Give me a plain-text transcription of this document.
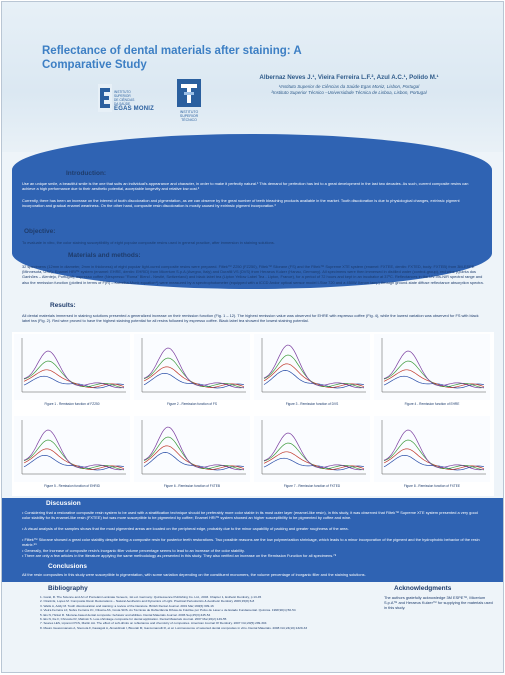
Reflectance of dental materials after staining: A Comparative Study
INSTITUTO
SUPERIOR
DE CIÊNCIAS
DA SAÚDE
EGAS MONIZ	INSTITUTO
SUPERIOR
TÉCNICO
Albernaz Neves J.¹, Vieira Ferreira L.F.², Azul A.C.¹, Polido M.¹
¹Instituto Superior de Ciências da Saúde Egas Moniz, Lisbon, Portugal
²Instituto Superior Técnico –Universidade Técnica de Lisboa, Lisbon, Portugal
Introduction:
Use an unique smile, a beautiful smile is the one that suits an individual's appearance and character, in order to make it perfectly natural.¹ This demand for perfection has led to a great development in the last two decades. As such, current composite resins can achieve a high performance due to their aesthetic potential, acceptable longevity and relative low cost.²
Currently, there has been an increase on the interest of tooth discoloration and pigmentation, as we can observe by the great number of teeth bleaching products available in the market. Tooth discoloration is due to physiological changes, extrinsic pigment incorporation and gradual enamel weariness. On the other hand, composite resin discoloration is mostly caused by extrinsic pigment incorporation.³
Objective:
To evaluate in vitro, the color staining susceptibility of eight popular composite resins used in general practice, after immersion in staining solutions.
Materials and methods:
32 specimens (12mm in diameter, 2mm in thickness) of eight popular light-cured composite resins were prepared. Filtek™ Z250 (FZ250), Filtek™ Silorane (FS) and the Filtek™ Supreme XTE system (enamel: FXTEE, dentin: FXTED, body: FXTEB) from 3M-ESPE (Minnesota, USA); Enamel HRi™ system (enamel: EHRE, dentin: EHRID) from Micerium S.p.A (Avegno, Italy) and Durafill VS (DVS) from Heraeus Kulzer (Hanau, Germany). All specimens were then immersed in distilled water (control-group), red wine (Quinta dos Ganhões – Alentejo, Portugal), espresso coffee (Nespresso "Roma" Blend - Nestlé, Switzerland) and black label tea (Lipton Yellow Label Tea - Lipton, France), for a period of 72 hours and kept in an incubator at 37ºC. Reflectances in the UV-Vis-NIR spectral range and also the remission function (plotted in terms of F(R) – Kubelka-Munk equation⁴) were measured by a spectrophotometer (equipped with a ICCD Andor optical sensor model I-Star 720 and a 450W Xenon lamp) through ground-state diffuse reflectance absorption spectra.
Results:
All dental materials immersed in staining solutions presented a generalized increase on their remission function (Fig. 1 – 12). The highest remission value was observed for EHRE with espresso coffee (Fig. 4), while the lowest variation was observed for FS with black label tea (Fig. 2). Red wine proved to have the highest staining potential for all resins followed by espresso coffee. Black label tea showed the lowest staining potential.
Figure 1 - Remission function of FZ250	Figure 2 - Remission function of FS	Figure 3 - Remission function of DVS	Figure 4 - Remission function of EHRE
Figure 5 - Remission function of EHRID	Figure 6 - Remission function of FXTEB	Figure 7 - Remission function of FXTED	Figure 8 - Remission function of FXTEE
Discussion
• Considering that a restorative composite resin system to be used with a stratification technique should be preferably more color stable in its most outer layer (enamel-like resin), in this study, it was observed that Filtek™ Supreme XTE system presented a very good color stability for its enamel-like resin (FXTEE) but was more susceptible to be pigmented by coffee; Enamel HRi™ system showed an higher susceptibility to be pigmented by coffee and wine.
• A visual analysis of the samples shows that the most pigmented areas are located on the peripheral edge, probably due to the minor capability of packing and greater roughness of the area.
• Filtek™ Silorane showed a great color stability despite being a composite resin for posterior teeth restorations. Two possible reasons are the low polymerization shrinkage, which leads to a minor incorporation of the pigment and the hydrophobic behavior of the resin matrix.⁵⁶
• Generally, the increase of composite resin's inorganic filler volume percentage seems to lead to an increase of the color stability.
• There are only a few articles in the literature applying the same methodology as presented in this study. They also verified an increase on the Remission Function for all specimens.⁷⁸
Conclusions
All the resin composites in this study were susceptible to pigmentation, with some variation depending on the constituent monomers, the volume percentage of inorganic filler and the staining solutions.
Bibliography
1. Goral, R. The Science and Art of Porcelain Laminate Veneers, 1st ed. Germany: Quintessence Publishing Co. Ltd., 2003. Chapter 1, Esthetic Dentistry, p 13-45
2. Ozarki E, Lopes M. Composite Resin Restorations – Natural Aesthetics and Dynamics of Light. Practical Periodontics & Aesthetic Dentistry 2009;15(8):6-8
3. Watts A, Addy M. Tooth discolouration and staining: a review of the literature. British Dental Journal. 2001 Mar;190(6):309-16
4. Vieira Ferreira LF, Nobre Ferreira JC, Oliveira AS, Costa SDS. As Técnicas de Reflectância Difusa de Fotólise por Pulso de Laser e de Estado Fundamental. Química. 1998;90(1):50-54
5. Eis N, Hickel R. Silorane-based dental composite: behavior and abilities. Dental Materials Journal. 2006 Sep;25(3):445-54
6. Eis N, Ilie F, Chrusciel R, Malinsk S. Low-shrinkage composite for dental application. Dental Materials Journal. 2007 Mar;26(2):149-55
7. Soares LES, Liporoni PCS, Martin AA. The effect of soft-drinks on reflectance and chemistry of composites. American Journal Of Dentistry. 2007 Oct;20(5):299-304
8. Mauro Guacomanato A, Stemola F, Kawaguti A, Almeidinski I, Bloorali M, Gaccomanolli R, et al. Luminescence of selected dental composites in vitro. Dental Materials. 2008 Oct;24(10):1329-33
Acknowledgments
The authors gratefully acknowledge 3M ESPE™, Micerium S.p.A™ and Heraeus Kulzer™ for supplying the materials used in this study.
